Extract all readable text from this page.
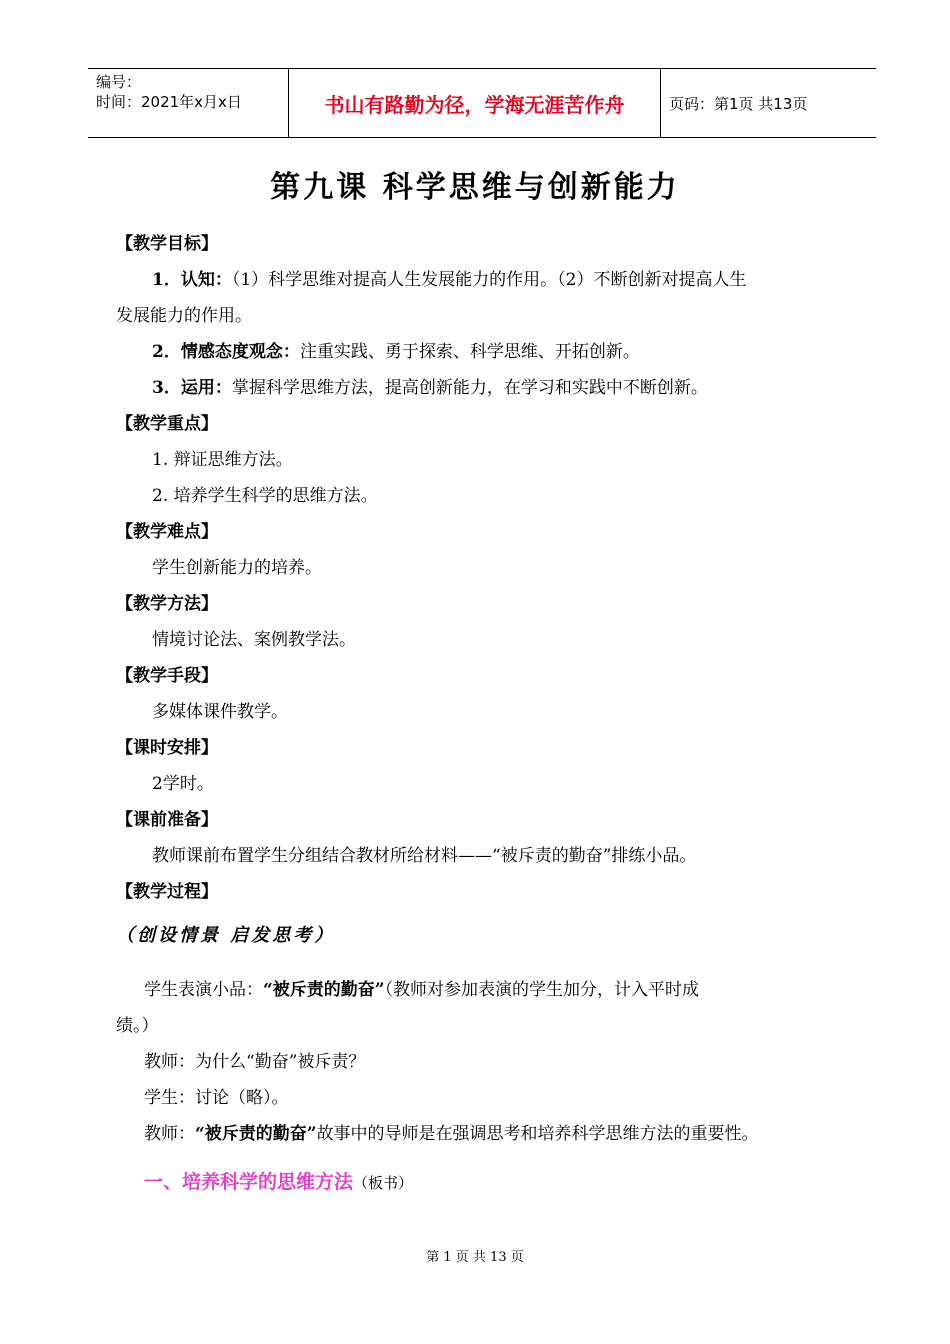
编号：
时间：2021年x月x日	书山有路勤为径，学海无涯苦作舟	页码：第1页 共13页
第九课 科学思维与创新能力
【教学目标】
1．认知：（1）科学思维对提高人生发展能力的作用。（2）不断创新对提高人生
发展能力的作用。
2．情感态度观念：注重实践、勇于探索、科学思维、开拓创新。
3．运用：掌握科学思维方法，提高创新能力，在学习和实践中不断创新。
【教学重点】
1. 辩证思维方法。
2. 培养学生科学的思维方法。
【教学难点】
学生创新能力的培养。
【教学方法】
情境讨论法、案例教学法。
【教学手段】
多媒体课件教学。
【课时安排】
2学时。
【课前准备】
教师课前布置学生分组结合教材所给材料——“被斥责的勤奋”排练小品。
【教学过程】
（创设情景 启发思考）
学生表演小品：“被斥责的勤奋”（教师对参加表演的学生加分，计入平时成
绩。）
教师：为什么“勤奋”被斥责？
学生：讨论（略）。
教师：“被斥责的勤奋”故事中的导师是在强调思考和培养科学思维方法的重要性。
一、培养科学的思维方法（板书）
第 1 页 共 13 页
